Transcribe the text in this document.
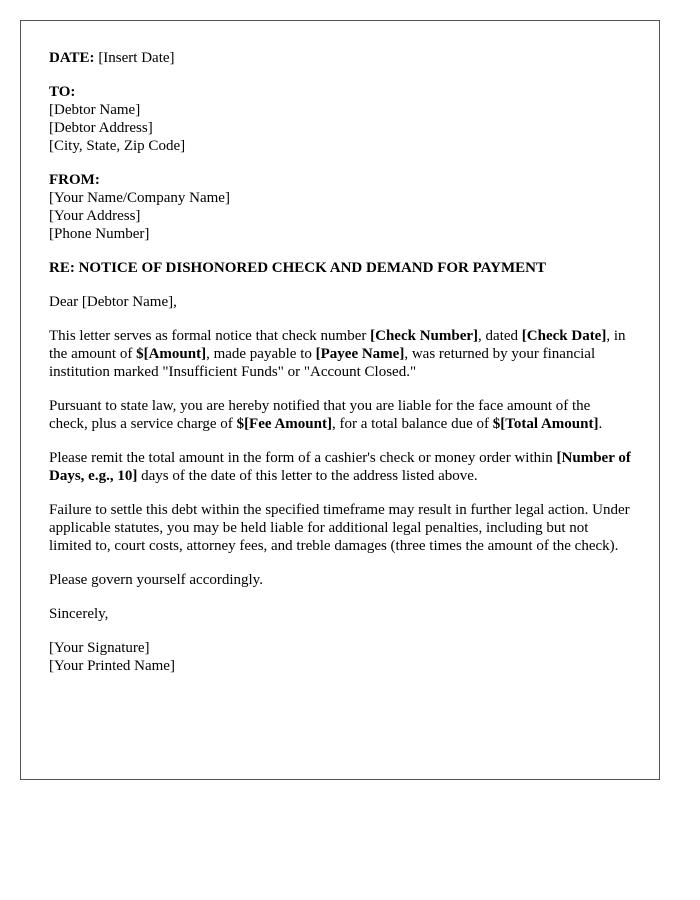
DATE: [Insert Date]
TO:
[Debtor Name]
[Debtor Address]
[City, State, Zip Code]
FROM:
[Your Name/Company Name]
[Your Address]
[Phone Number]
RE: NOTICE OF DISHONORED CHECK AND DEMAND FOR PAYMENT

Dear [Debtor Name],

This letter serves as formal notice that check number [Check Number], dated [Check Date], in the amount of $[Amount], made payable to [Payee Name], was returned by your financial institution marked "Insufficient Funds" or "Account Closed."

Pursuant to state law, you are hereby notified that you are liable for the face amount of the check, plus a service charge of $[Fee Amount], for a total balance due of $[Total Amount].

Please remit the total amount in the form of a cashier's check or money order within [Number of Days, e.g., 10] days of the date of this letter to the address listed above.

Failure to settle this debt within the specified timeframe may result in further legal action. Under applicable statutes, you may be held liable for additional legal penalties, including but not limited to, court costs, attorney fees, and treble damages (three times the amount of the check).

Please govern yourself accordingly.

Sincerely,

[Your Signature]
[Your Printed Name]
